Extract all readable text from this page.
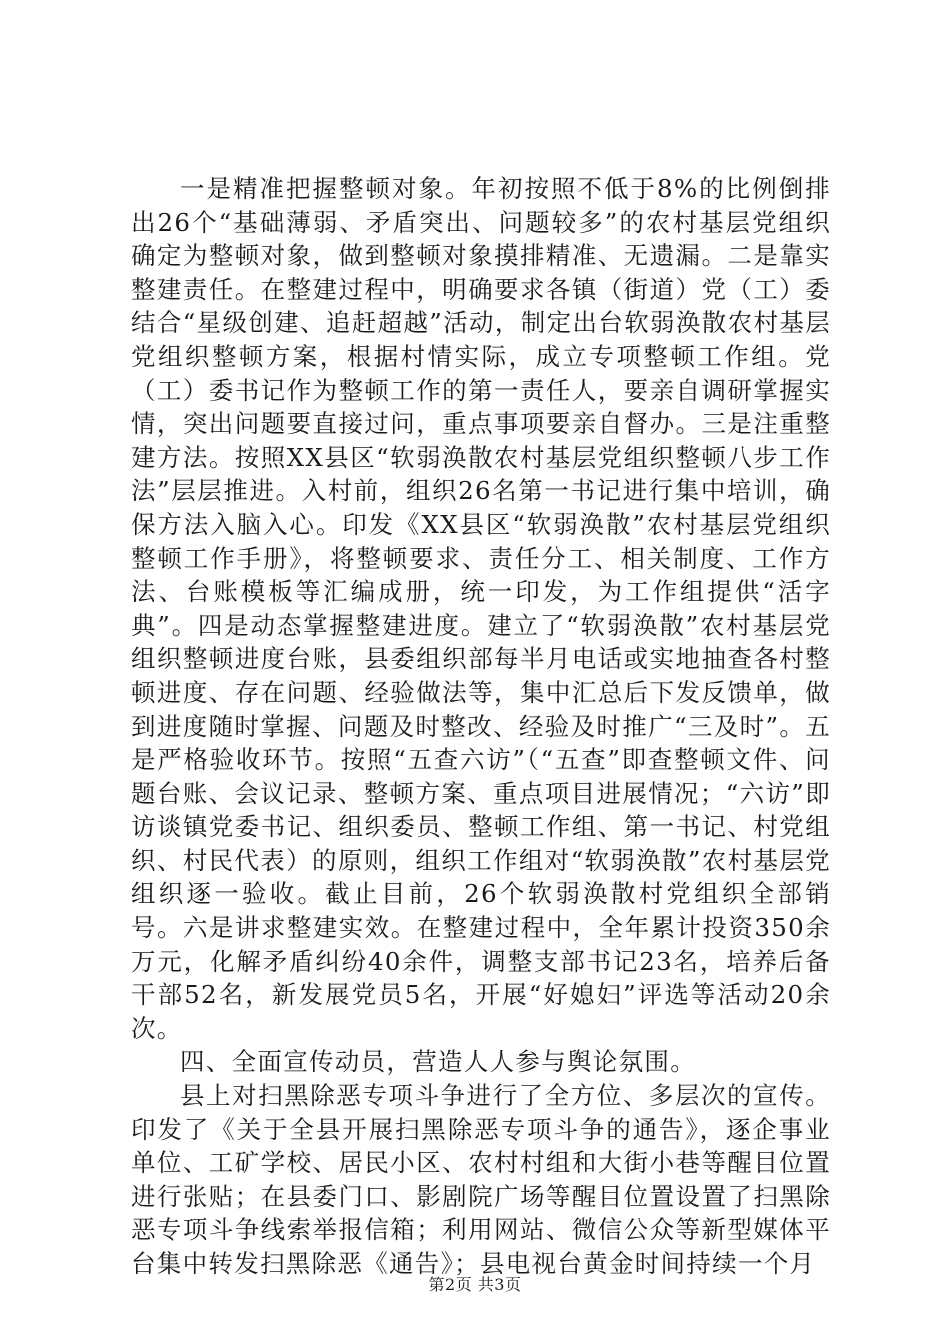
一是精准把握整顿对象。年初按照不低于8%的比例倒排出26个“基础薄弱、矛盾突出、问题较多”的农村基层党组织确定为整顿对象，做到整顿对象摸排精准、无遗漏。二是靠实整建责任。在整建过程中，明确要求各镇（街道）党（工）委结合“星级创建、追赶超越”活动，制定出台软弱涣散农村基层党组织整顿方案，根据村情实际，成立专项整顿工作组。党（工）委书记作为整顿工作的第一责任人，要亲自调研掌握实情，突出问题要直接过问，重点事项要亲自督办。三是注重整建方法。按照XX县区“软弱涣散农村基层党组织整顿八步工作法”层层推进。入村前，组织26名第一书记进行集中培训，确保方法入脑入心。印发《XX县区“软弱涣散”农村基层党组织整顿工作手册》，将整顿要求、责任分工、相关制度、工作方法、台账模板等汇编成册，统一印发，为工作组提供“活字典”。四是动态掌握整建进度。建立了“软弱涣散”农村基层党组织整顿进度台账，县委组织部每半月电话或实地抽查各村整顿进度、存在问题、经验做法等，集中汇总后下发反馈单，做到进度随时掌握、问题及时整改、经验及时推广“三及时”。五是严格验收环节。按照“五查六访”（“五查”即查整顿文件、问题台账、会议记录、整顿方案、重点项目进展情况；“六访”即访谈镇党委书记、组织委员、整顿工作组、第一书记、村党组织、村民代表）的原则，组织工作组对“软弱涣散”农村基层党组织逐一验收。截止目前，26个软弱涣散村党组织全部销号。六是讲求整建实效。在整建过程中，全年累计投资350余万元，化解矛盾纠纷40余件，调整支部书记23名，培养后备干部52名，新发展党员5名，开展“好媳妇”评选等活动20余次。

四、全面宣传动员，营造人人参与舆论氛围。

县上对扫黑除恶专项斗争进行了全方位、多层次的宣传。印发了《关于全县开展扫黑除恶专项斗争的通告》，逐企事业单位、工矿学校、居民小区、农村村组和大街小巷等醒目位置进行张贴；在县委门口、影剧院广场等醒目位置设置了扫黑除恶专项斗争线索举报信箱；利用网站、微信公众等新型媒体平台集中转发扫黑除恶《通告》；县电视台黄金时间持续一个月

第2页 共3页
